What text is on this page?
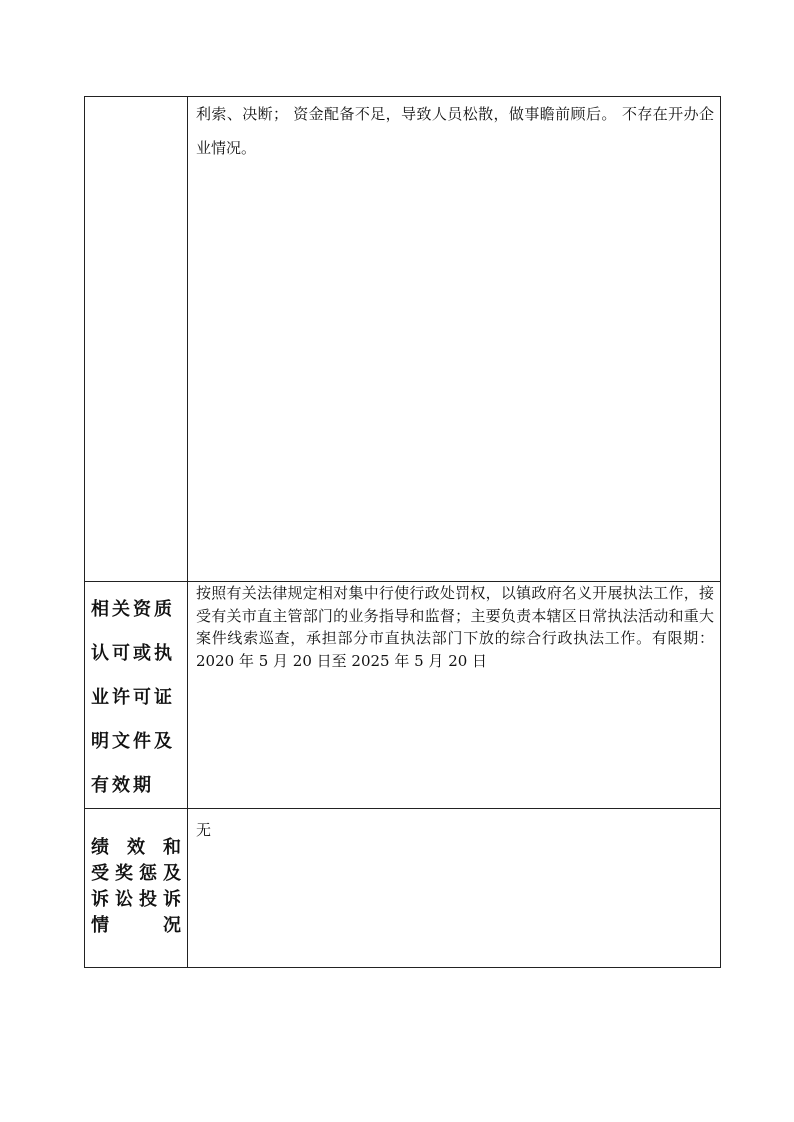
	利索、决断； 资金配备不足，导致人员松散，做事瞻前顾后。 不存在开办企业情况。

相关资质
认可或执
业许可证
明文件及
有效期	按照有关法律规定相对集中行使行政处罚权，以镇政府名义开展执法工作，接受有关市直主管部门的业务指导和监督；主要负责本辖区日常执法活动和重大案件线索巡查，承担部分市直执法部门下放的综合行政执法工作。有限期：2020 年 5 月 20 日至 2025 年 5 月 20 日

绩 效 和
受奖惩及
诉讼投诉
情 况	无
